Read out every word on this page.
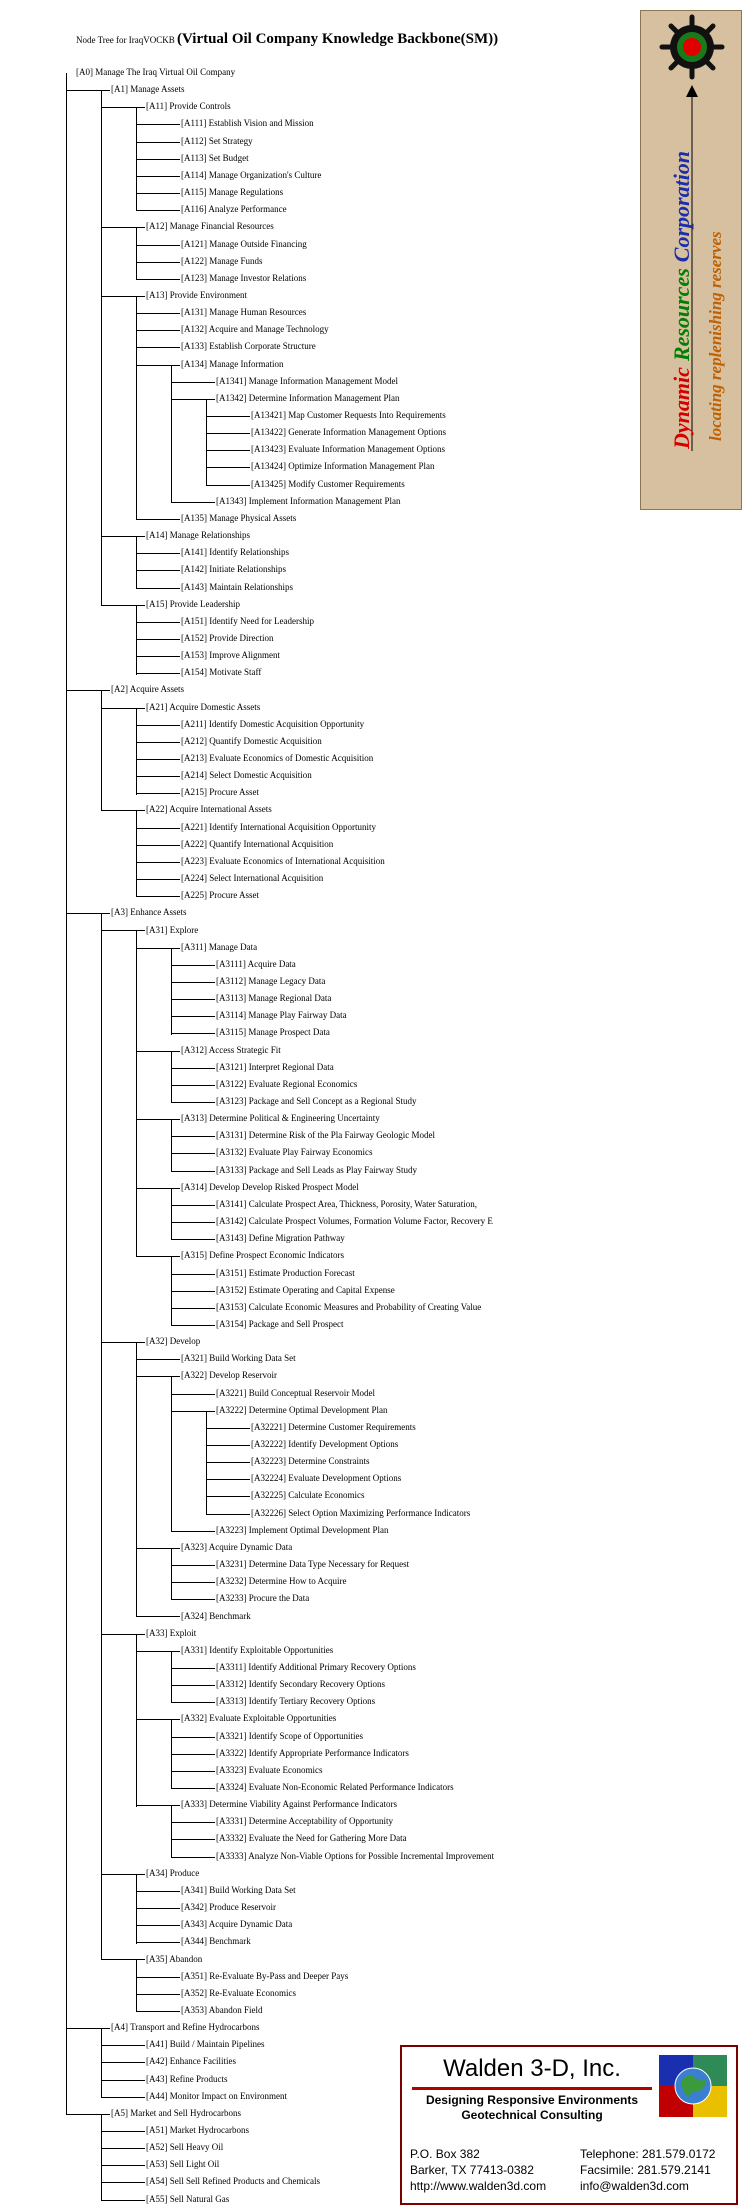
Node Tree for IraqVOCKB (Virtual Oil Company Knowledge Backbone(SM))
[A0] Manage The Iraq Virtual Oil Company
[A1] Manage Assets
[A11] Provide Controls
[A111] Establish Vision and Mission
[A112] Set Strategy
[A113] Set Budget
[A114] Manage Organization's Culture
[A115] Manage Regulations
[A116] Analyze Performance
[A12] Manage Financial Resources
[A121] Manage Outside Financing
[A122] Manage Funds
[A123] Manage Investor Relations
[A13] Provide Environment
[A131] Manage Human Resources
[A132] Acquire and Manage Technology
[A133] Establish Corporate Structure
[A134] Manage Information
[A1341] Manage Information Management Model
[A1342] Determine Information Management Plan
[A13421] Map Customer Requests Into Requirements
[A13422] Generate Information Management Options
[A13423] Evaluate Information Management Options
[A13424] Optimize Information Management Plan
[A13425] Modify Customer Requirements
[A1343] Implement Information Management Plan
[A135] Manage Physical Assets
[A14] Manage Relationships
[A141] Identify Relationships
[A142] Initiate Relationships
[A143] Maintain Relationships
[A15] Provide Leadership
[A151] Identify Need for Leadership
[A152] Provide Direction
[A153] Improve Alignment
[A154] Motivate Staff
[A2] Acquire Assets
[A21] Acquire Domestic Assets
[A211] Identify Domestic Acquisition Opportunity
[A212] Quantify Domestic Acquisition
[A213] Evaluate Economics of Domestic Acquisition
[A214] Select Domestic Acquisition
[A215] Procure Asset
[A22] Acquire International Assets
[A221] Identify International Acquisition Opportunity
[A222] Quantify International Acquisition
[A223] Evaluate Economics of International Acquisition
[A224] Select International Acquisition
[A225] Procure Asset
[A3] Enhance Assets
[A31] Explore
[A311] Manage Data
[A3111] Acquire Data
[A3112] Manage Legacy Data
[A3113] Manage Regional Data
[A3114] Manage Play Fairway Data
[A3115] Manage Prospect Data
[A312] Access Strategic Fit
[A3121] Interpret Regional Data
[A3122] Evaluate Regional Economics
[A3123] Package and Sell Concept as a Regional Study
[A313] Determine Political & Engineering Uncertainty
[A3131] Determine Risk of the Pla Fairway Geologic Model
[A3132] Evaluate Play Fairway Economics
[A3133] Package and Sell Leads as Play Fairway Study
[A314] Develop Develop Risked Prospect Model
[A3141] Calculate Prospect Area, Thickness, Porosity, Water Saturation,
[A3142] Calculate Prospect Volumes, Formation Volume Factor, Recovery E
[A3143] Define Migration Pathway
[A315] Define Prospect Economic Indicators
[A3151] Estimate Production Forecast
[A3152] Estimate Operating and Capital Expense
[A3153] Calculate Economic Measures and Probability of Creating Value
[A3154] Package and Sell Prospect
[A32] Develop
[A321] Build Working Data Set
[A322] Develop Reservoir
[A3221] Build Conceptual Reservoir Model
[A3222] Determine Optimal Development Plan
[A32221] Determine Customer Requirements
[A32222] Identify Development Options
[A32223] Determine Constraints
[A32224] Evaluate Development Options
[A32225] Calculate Economics
[A32226] Select Option Maximizing Performance Indicators
[A3223] Implement Optimal Development Plan
[A323] Acquire Dynamic Data
[A3231] Determine Data Type Necessary for Request
[A3232] Determine How to Acquire
[A3233] Procure the Data
[A324] Benchmark
[A33] Exploit
[A331] Identify Exploitable Opportunities
[A3311] Identify Additional Primary Recovery Options
[A3312] Identify Secondary Recovery Options
[A3313] Identify Tertiary Recovery Options
[A332] Evaluate Exploitable Opportunities
[A3321] Identify Scope of Opportunities
[A3322] Identify Appropriate Performance Indicators
[A3323] Evaluate Economics
[A3324] Evaluate Non-Economic Related Performance Indicators
[A333] Determine Viability Against Performance Indicators
[A3331] Determine Acceptability of Opportunity
[A3332] Evaluate the Need for Gathering More Data
[A3333] Analyze Non-Viable Options for Possible Incremental Improvement
[A34] Produce
[A341] Build Working Data Set
[A342] Produce Reservoir
[A343] Acquire Dynamic Data
[A344] Benchmark
[A35] Abandon
[A351] Re-Evaluate By-Pass and Deeper Pays
[A352] Re-Evaluate Economics
[A353] Abandon Field
[A4] Transport and Refine Hydrocarbons
[A41] Build / Maintain Pipelines
[A42] Enhance Facilities
[A43] Refine Products
[A44] Monitor Impact on Environment
[A5] Market and Sell Hydrocarbons
[A51] Market Hydrocarbons
[A52] Sell Heavy Oil
[A53] Sell Light Oil
[A54] Sell Sell Refined Products and Chemicals
[A55] Sell Natural Gas
DynamicResourcesCorporation
locating replenishing reserves
Walden 3-D, Inc.
Designing Responsive Environments
Geotechnical Consulting
P.O. Box 382
Barker, TX 77413-0382
http://www.walden3d.com
Telephone: 281.579.0172
Facsimile: 281.579.2141
info@walden3d.com
